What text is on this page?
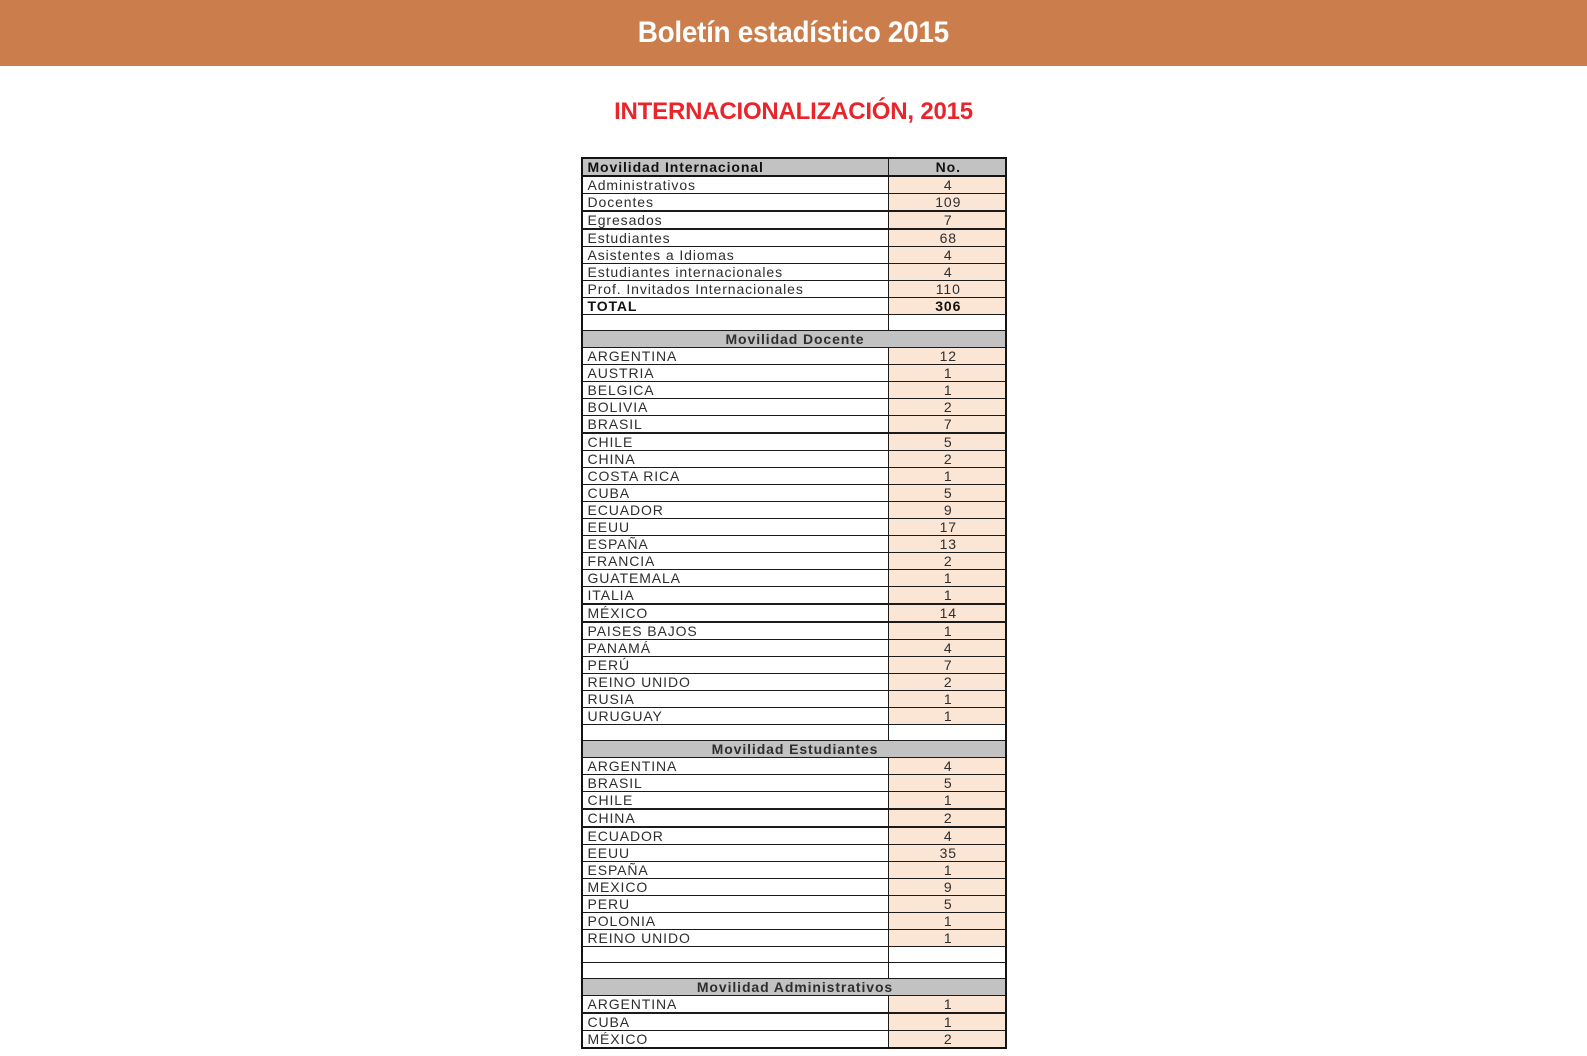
Boletín estadístico 2015
INTERNACIONALIZACIÓN, 2015
Movilidad Internacional	No.
Administrativos	4
Docentes	109
Egresados	7
Estudiantes	68
Asistentes a Idiomas	4
Estudiantes internacionales	4
Prof. Invitados Internacionales	110
TOTAL	306

Movilidad Docente	
ARGENTINA	12
AUSTRIA	1
BELGICA	1
BOLIVIA	2
BRASIL	7
CHILE	5
CHINA	2
COSTA RICA	1
CUBA	5
ECUADOR	9
EEUU	17
ESPAÑA	13
FRANCIA	2
GUATEMALA	1
ITALIA	1
MÉXICO	14
PAISES BAJOS	1
PANAMÁ	4
PERÚ	7
REINO UNIDO	2
RUSIA	1
URUGUAY	1

Movilidad Estudiantes	
ARGENTINA	4
BRASIL	5
CHILE	1
CHINA	2
ECUADOR	4
EEUU	35
ESPAÑA	1
MEXICO	9
PERU	5
POLONIA	1
REINO UNIDO	1

Movilidad Administrativos	
ARGENTINA	1
CUBA	1
MÉXICO	2
